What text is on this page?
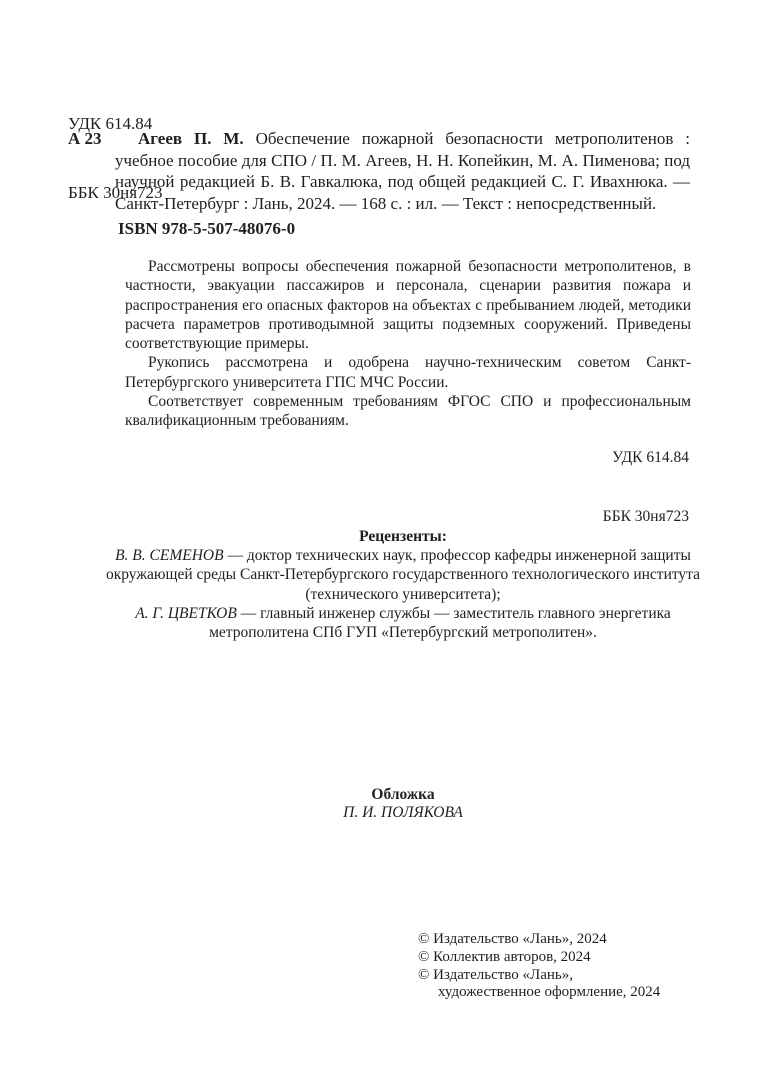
УДК 614.84

ББК 30ня723

А 23	Агеев П. М. Обеспечение пожарной безопасности метрополитенов : учебное пособие для СПО / П. М. Агеев, Н. Н. Копейкин, М. А. Пименова; под научной редакцией Б. В. Гавкалюка, под общей редакцией С. Г. Ивахнюка. — Санкт-Петербург : Лань, 2024. — 168 с. : ил. — Текст : непосредственный.

ISBN 978-5-507-48076-0

Рассмотрены вопросы обеспечения пожарной безопасности метрополитенов, в частности, эвакуации пассажиров и персонала, сценарии развития пожара и распространения его опасных факторов на объектах с пребыванием людей, методики расчета параметров противодымной защиты подземных сооружений. Приведены соответствующие примеры.

Рукопись рассмотрена и одобрена научно-техническим советом Санкт-Петербургского университета ГПС МЧС России.

Соответствует современным требованиям ФГОС СПО и профессиональным квалификационным требованиям.

УДК 614.84

ББК 30ня723

Рецензенты:

В. В. СЕМЕНОВ — доктор технических наук, профессор кафедры инженерной защиты окружающей среды Санкт-Петербургского государственного технологического института (технического университета);

А. Г. ЦВЕТКОВ — главный инженер службы — заместитель главного энергетика метрополитена СПб ГУП «Петербургский метрополитен».

Обложка
П. И. ПОЛЯКОВА
© Издательство «Лань», 2024
© Коллектив авторов, 2024
© Издательство «Лань», художественное оформление, 2024
